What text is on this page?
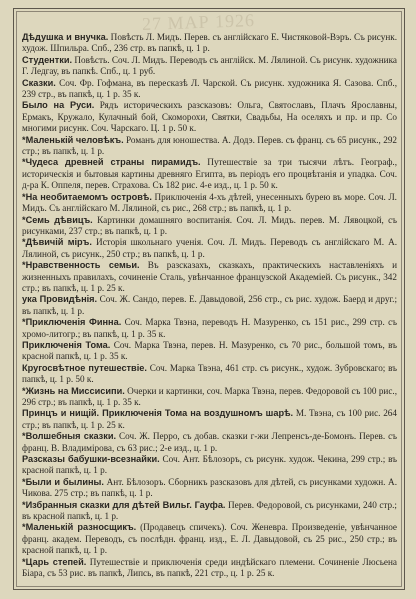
27 МАР 1926

Дѣдушка и внучка. Повѣсть Л. Мидъ. Перев. съ англійскаго Е. Чистяковой-Вэръ. Съ рисунк. худож. Шпильра. Спб., 236 стр. въ папкѣ, ц. 1 р.

Студентки. Повѣсть. Соч. Л. Мидъ. Переводъ съ англійск. М. Лялиной. Съ рисунк. художника Г. Ледгау, въ папкѣ. Спб., ц. 1 руб.

Сказки. Соч. Фр. Гофмана, въ пересказѣ Л. Чарской. Съ рисунк. художника Я. Сазова. Спб., 239 стр., въ папкѣ, ц. 1 р. 35 к.

Было на Руси. Рядъ историческихъ разсказовъ: Ольга, Святославъ, Плачъ Ярославны, Ермакъ, Кружало, Кулачный бой, Скоморохи, Святки, Свадьбы, На оселяхъ и пр. и пр. Со многими рисунк. Соч. Чарскаго. Ц. 1 р. 50 к.

*Маленькій человѣкъ. Романъ для юношества. А. Додэ. Перев. съ франц. съ 65 рисунк., 292 стр.; въ папкѣ, ц. 1 р.

*Чудеса древней страны пирамидъ. Путешествіе за три тысячи лѣтъ. Географ., историческія и бытовыя картины древняго Египта, въ періодъ его процвѣтанія и упадка. Соч. д-ра К. Оппеля, перев. Страхова. Съ 182 рис. 4-е изд., ц. 1 р. 50 к.

*На необитаемомъ островѣ. Приключенія 4-хъ дѣтей, унесенныхъ бурею въ море. Соч. Л. Мидъ. Съ англійскаго М. Лялиной, съ рис., 268 стр.; въ папкѣ, ц. 1 р.

*Семь дѣвицъ. Картинки домашняго воспитанія. Соч. Л. Мидъ. перев. М. Лявоцкой, съ рисунками, 237 стр.; въ папкѣ, ц. 1 р.

*Дѣвичій міръ. Исторія школьнаго ученія. Соч. Л. Мидъ. Переводъ съ англійскаго М. А. Лялиной, съ рисунк., 250 стр.; въ папкѣ, ц. 1 р.

*Нравственность семьи. Въ разсказахъ, сказкахъ, практическихъ наставленіяхъ и жизненныхъ правилахъ, сочиненіе Сталь, увѣнчанное французской Академіей. Съ рисунк., 342 стр.; въ папкѣ, ц. 1 р. 25 к.

ука Провидѣнія. Соч. Ж. Сандо, перев. Е. Давыдовой, 256 стр., съ рис. худож. Баерд и друг.; въ папкѣ, ц. 1 р.

*Приключенія Финна. Соч. Марка Твэна, переводъ Н. Мазуренко, съ 151 рис., 299 стр. съ хромо-литогр.; въ папкѣ, ц. 1 р. 35 к.

Приключенія Тома. Соч. Марка Твэна, перев. Н. Мазуренко, съ 70 рис., большой томъ, въ красной папкѣ, ц. 1 р. 35 к.

Кругосвѣтное путешествіе. Соч. Марка Твэна, 461 стр. съ рисунк., худож. Зубровскаго; въ папкѣ, ц. 1 р. 50 к.

*Жизнь на Миссисипи. Очерки и картинки, соч. Марка Твэна, перев. Федоровой съ 100 рис., 296 стр.; въ папкѣ, ц. 1 р. 35 к.

Принцъ и нищій. Приключенія Тома на воздушномъ шарѣ. М. Твэна, съ 100 рис. 264 стр.; въ папкѣ, ц. 1 р. 25 к.

*Волшебныя сказки. Соч. Ж. Перро, съ добав. сказки г-жи Лепренсъ-де-Бомонъ. Перев. съ франц. В. Владимірова, съ 63 рис.; 2-е изд., ц. 1 р.

Разсказы бабушки-всезнайки. Соч. Ант. Бѣлозоръ, съ рисунк. худож. Чекина, 299 стр.; въ красной папкѣ, ц. 1 р.

*Были и былины. Ант. Бѣлозоръ. Сборникъ разсказовъ для дѣтей, съ рисунками художн. А. Чикова. 275 стр.; въ папкѣ, ц. 1 р.

*Избранныя сказки для дѣтей Вильг. Гауфа. Перев. Федоровой, съ рисунками, 240 стр.; въ красной папкѣ, ц. 1 р.

*Маленькій разносщикъ. (Продавецъ спичекъ). Соч. Женевра. Произведеніе, увѣнчанное франц. академ. Переводъ, съ послѣдн. франц. изд., Е. Л. Давыдовой, съ 25 рис., 250 стр.; въ красной папкѣ, ц. 1 р.

*Царь степей. Путешествіе и приключенія среди индѣйскаго племени. Сочиненіе Люсьена Біара, съ 53 рис. въ папкѣ, Липсь, въ папкѣ, 221 стр., ц. 1 р. 25 к.
